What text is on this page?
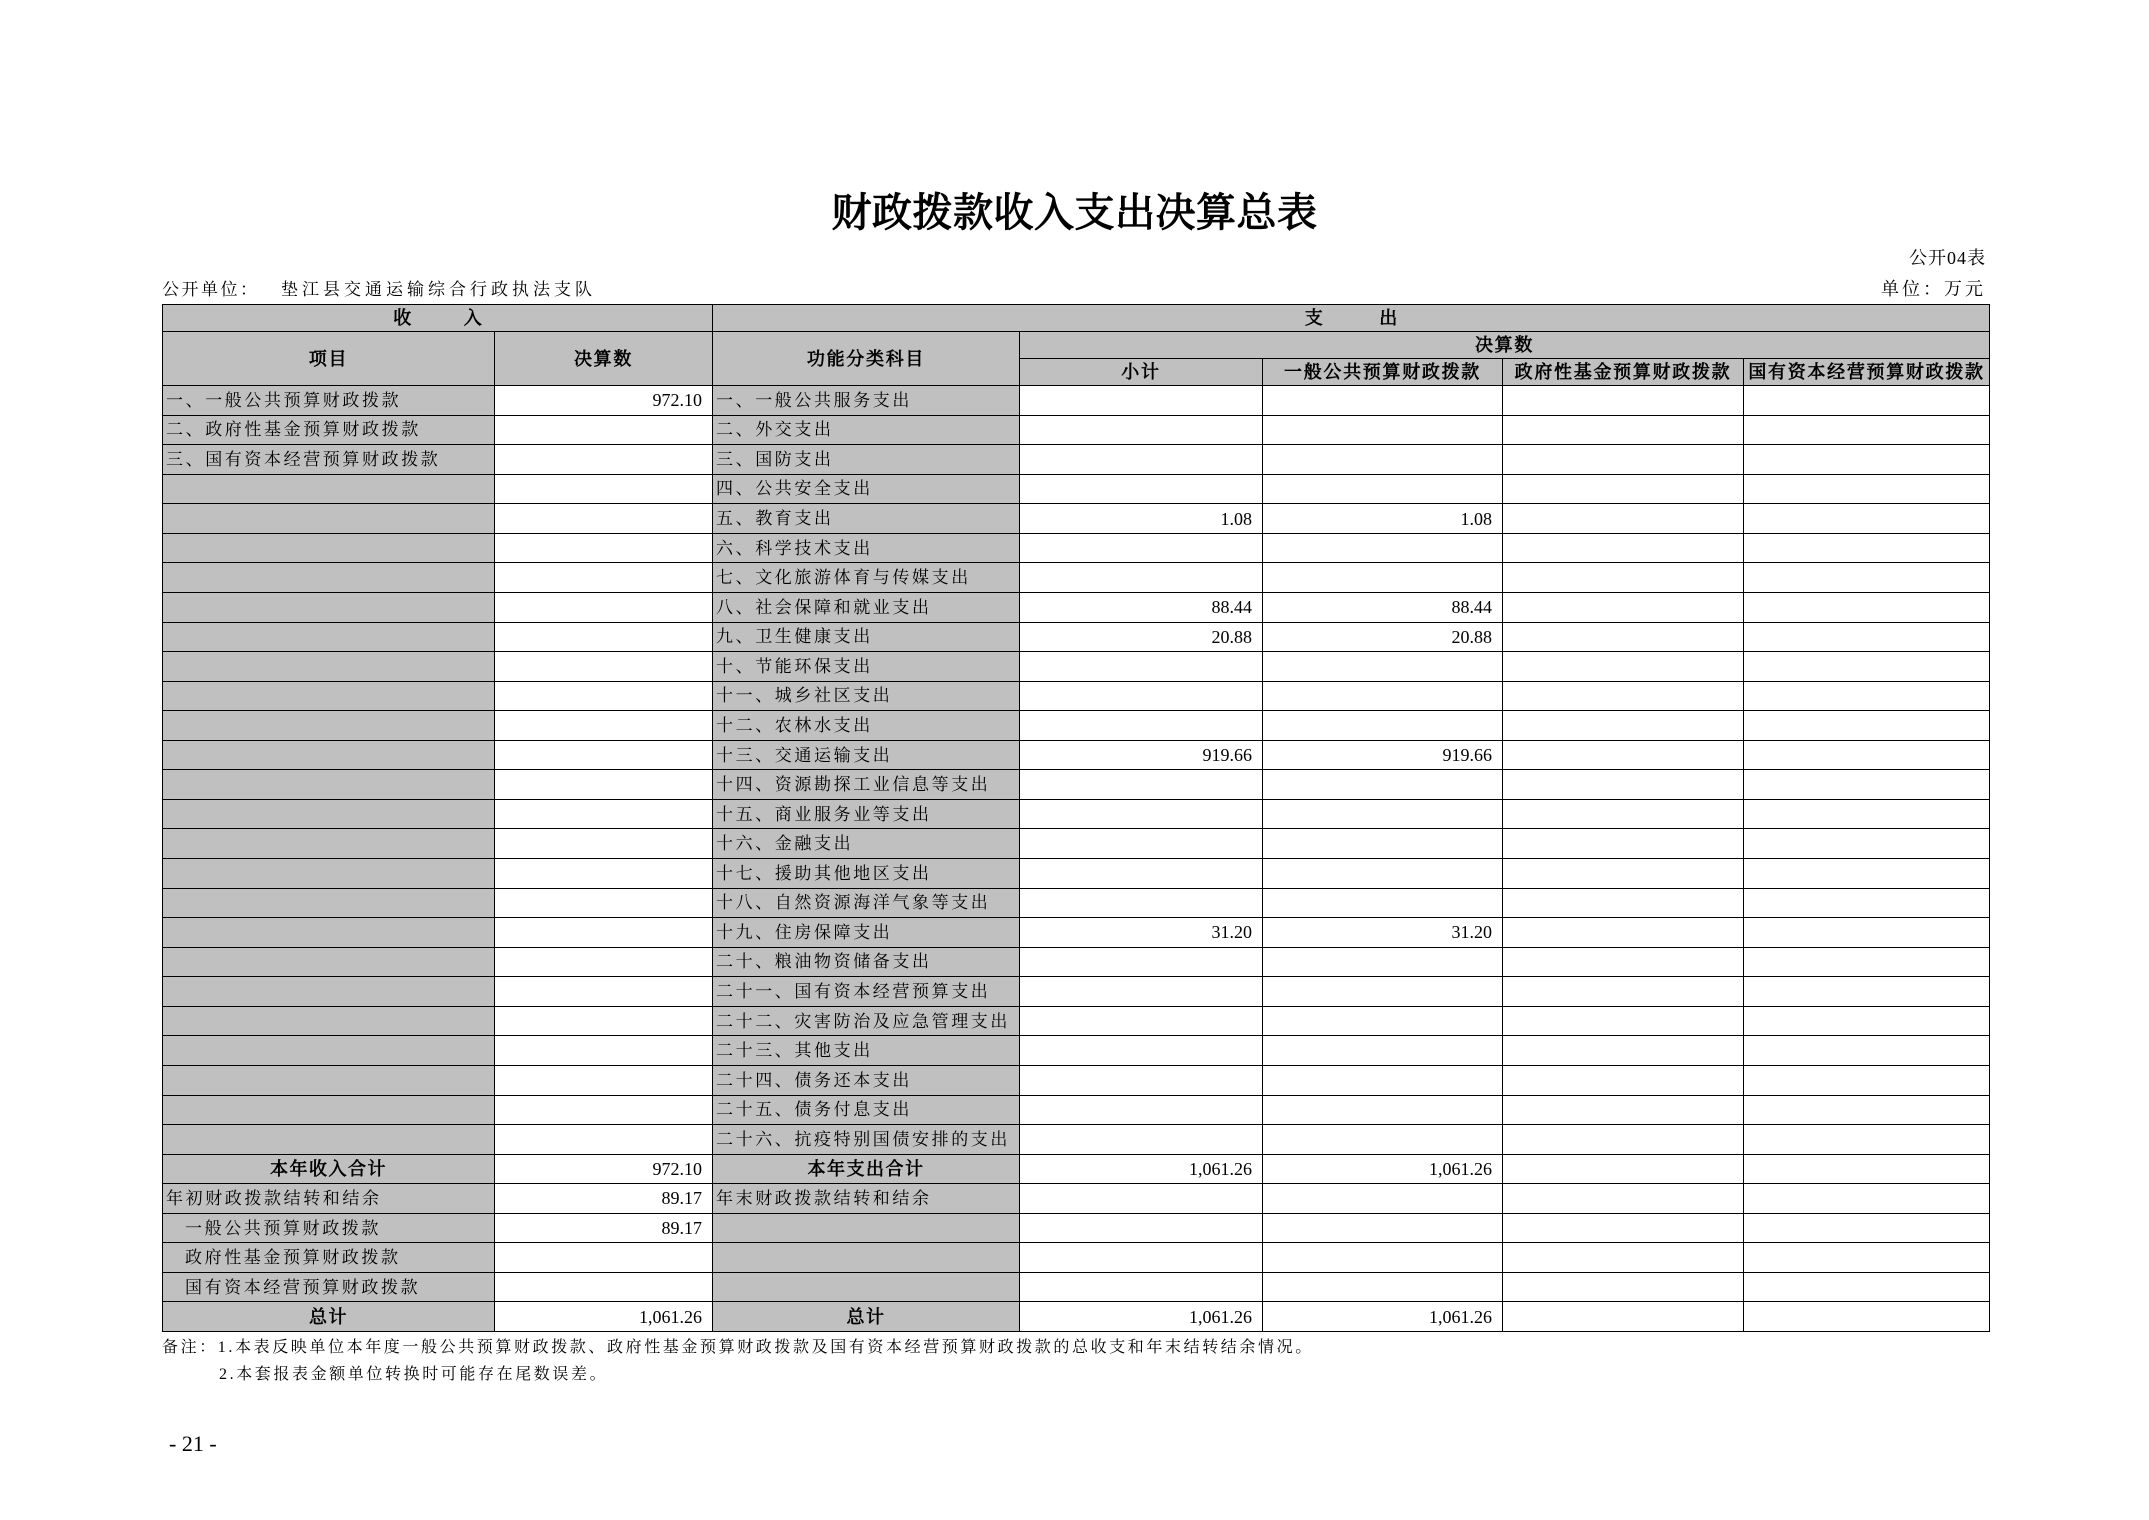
财政拨款收入支出决算总表
公开04表
公开单位： 垫江县交通运输综合行政执法支队	单位：万元
收 入		支 出				
项目	决算数	功能分类科目	决算数			
			小计	一般公共预算财政拨款	政府性基金预算财政拨款	国有资本经营预算财政拨款
一、一般公共预算财政拨款	972.10	一、一般公共服务支出				
二、政府性基金预算财政拨款		二、外交支出				
三、国有资本经营预算财政拨款		三、国防支出				
		四、公共安全支出				
		五、教育支出	1.08	1.08		
		六、科学技术支出				
		七、文化旅游体育与传媒支出				
		八、社会保障和就业支出	88.44	88.44		
		九、卫生健康支出	20.88	20.88		
		十、节能环保支出				
		十一、城乡社区支出				
		十二、农林水支出				
		十三、交通运输支出	919.66	919.66		
		十四、资源勘探工业信息等支出				
		十五、商业服务业等支出				
		十六、金融支出				
		十七、援助其他地区支出				
		十八、自然资源海洋气象等支出				
		十九、住房保障支出	31.20	31.20		
		二十、粮油物资储备支出				
		二十一、国有资本经营预算支出				
		二十二、灾害防治及应急管理支出				
		二十三、其他支出				
		二十四、债务还本支出				
		二十五、债务付息支出				
		二十六、抗疫特别国债安排的支出				
本年收入合计	972.10	本年支出合计	1,061.26	1,061.26		
年初财政拨款结转和结余	89.17	年末财政拨款结转和结余				
一般公共预算财政拨款	89.17					
政府性基金预算财政拨款						
国有资本经营预算财政拨款						
总计	1,061.26	总计	1,061.26	1,061.26		
备注：1.本表反映单位本年度一般公共预算财政拨款、政府性基金预算财政拨款及国有资本经营预算财政拨款的总收支和年末结转结余情况。
2.本套报表金额单位转换时可能存在尾数误差。
- 21 -
